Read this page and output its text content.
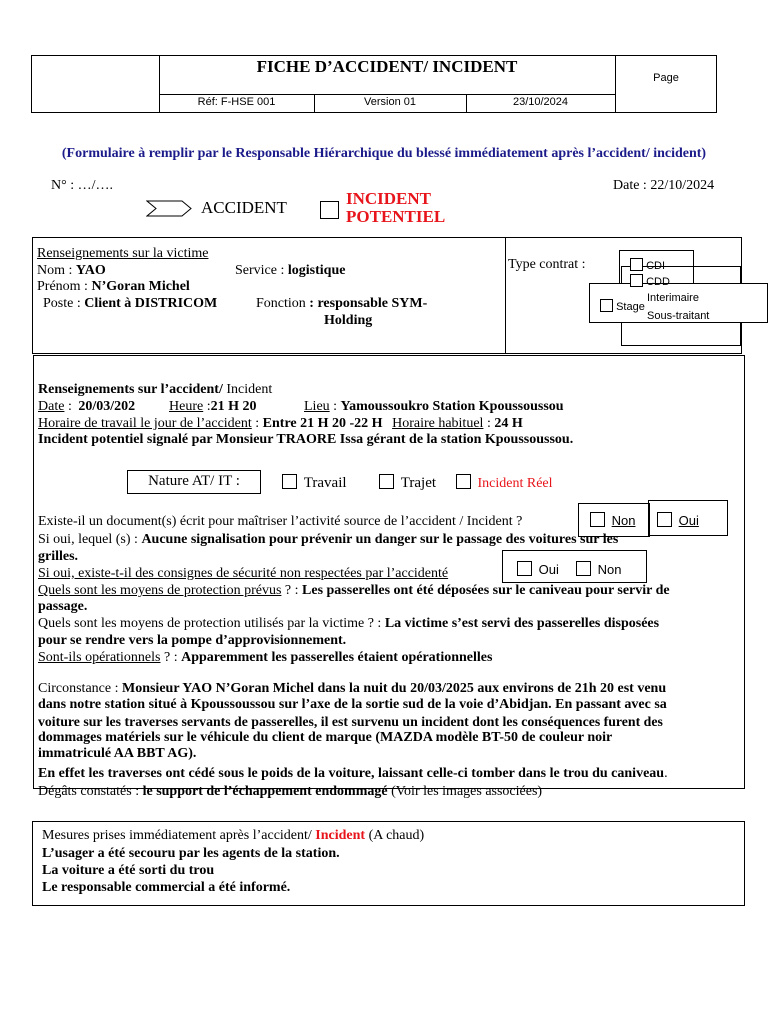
FICHE D’ACCIDENT/ INCIDENT
Page
Réf: F-HSE 001	Version 01	23/10/2024
(Formulaire à remplir par le Responsable Hiérarchique du blessé immédiatement après l’accident/ incident)
N° : …/….	Date : 22/10/2024
ACCIDENT	INCIDENT
POTENTIEL
Renseignements sur la victime
Nom : YAO	Service : logistique
Prénom : N’Goran Michel
Poste : Client à DISTRICOM	Fonction : responsable SYM-
Holding
Type contrat :	CDI
CDD
Stage
Interimaire
Sous-traitant
Renseignements sur l’accident/ Incident
Date : 20/03/202 Heure :21 H 20	Lieu : Yamoussoukro Station Kpoussoussou
Horaire de travail le jour de l’accident : Entre 21 H 20 -22 H Horaire habituel : 24 H
Incident potentiel signalé par Monsieur TRAORE Issa gérant de la station Kpoussoussou.
Nature AT/ IT :	Travail	Trajet	Incident Réel
Existe-il un document(s) écrit pour maîtriser l’activité source de l’accident / Incident ?	Non	Oui
Si oui, lequel (s) : Aucune signalisation pour prévenir un danger sur le passage des voitures sur les
grilles.
Si oui, existe-t-il des consignes de sécurité non respectées par l’accidenté	Oui	Non
Quels sont les moyens de protection prévus ? : Les passerelles ont été déposées sur le caniveau pour servir de
passage.
Quels sont les moyens de protection utilisés par la victime ? : La victime s’est servi des passerelles disposées
pour se rendre vers la pompe d’approvisionnement.
Sont-ils opérationnels ? : Apparemment les passerelles étaient opérationnelles
Circonstance : Monsieur YAO N’Goran Michel dans la nuit du 20/03/2025 aux environs de 21h 20 est venu
dans notre station situé à Kpoussoussou sur l’axe de la sortie sud de la voie d’Abidjan. En passant avec sa
voiture sur les traverses servants de passerelles, il est survenu un incident dont les conséquences furent des
dommages matériels sur le véhicule du client de marque (MAZDA modèle BT-50 de couleur noir
immatriculé AA BBT AG).
En effet les traverses ont cédé sous le poids de la voiture, laissant celle-ci tomber dans le trou du caniveau.
Dégâts constatés : le support de l’échappement endommagé (Voir les images associées)
Mesures prises immédiatement après l’accident/ Incident (A chaud)
L’usager a été secouru par les agents de la station.
La voiture a été sorti du trou
Le responsable commercial a été informé.
